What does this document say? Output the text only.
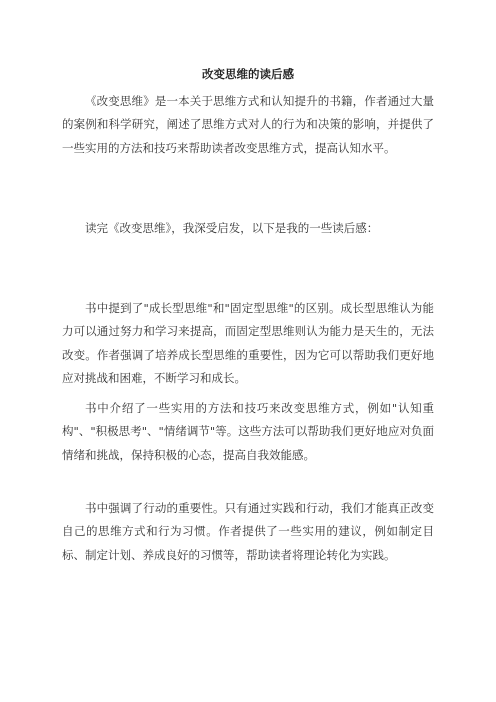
改变思维的读后感

《改变思维》是一本关于思维方式和认知提升的书籍，作者通过大量的案例和科学研究，阐述了思维方式对人的行为和决策的影响，并提供了一些实用的方法和技巧来帮助读者改变思维方式，提高认知水平。

读完《改变思维》，我深受启发，以下是我的一些读后感：

书中提到了"成长型思维"和"固定型思维"的区别。成长型思维认为能力可以通过努力和学习来提高，而固定型思维则认为能力是天生的，无法改变。作者强调了培养成长型思维的重要性，因为它可以帮助我们更好地应对挑战和困难，不断学习和成长。

书中介绍了一些实用的方法和技巧来改变思维方式，例如"认知重构"、"积极思考"、"情绪调节"等。这些方法可以帮助我们更好地应对负面情绪和挑战，保持积极的心态，提高自我效能感。

书中强调了行动的重要性。只有通过实践和行动，我们才能真正改变自己的思维方式和行为习惯。作者提供了一些实用的建议，例如制定目标、制定计划、养成良好的习惯等，帮助读者将理论转化为实践。
